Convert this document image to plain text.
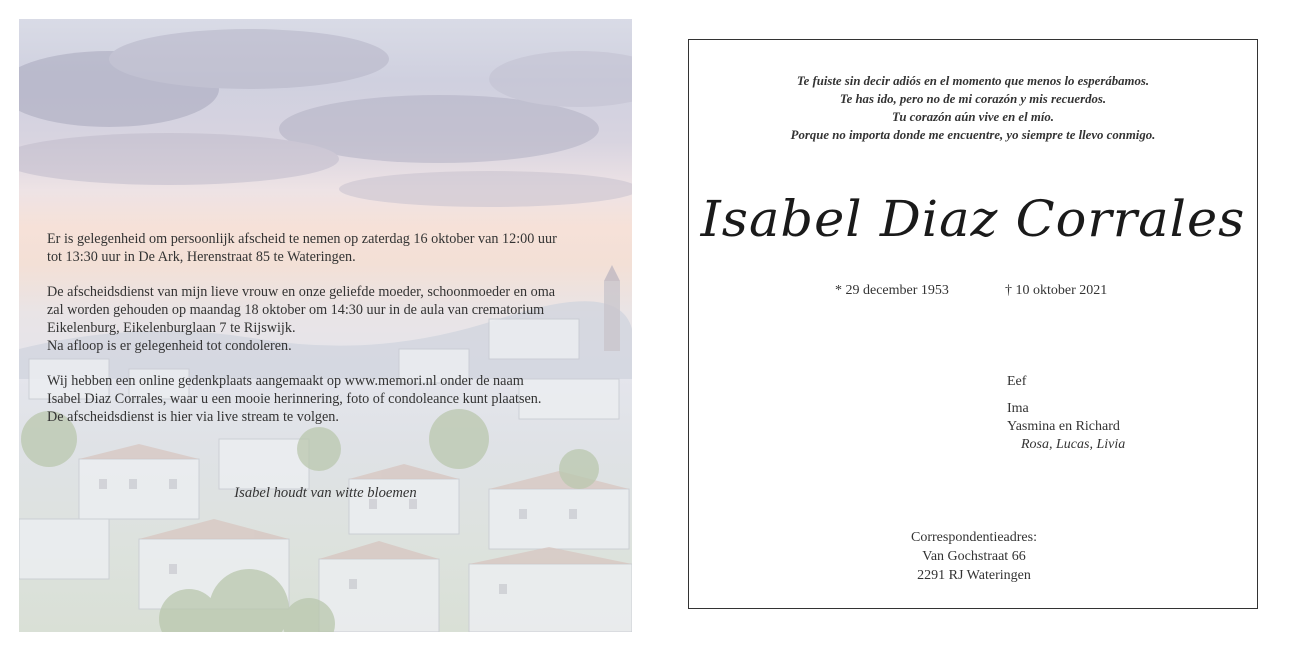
Er is gelegenheid om persoonlijk afscheid te nemen op zaterdag 16 oktober van 12:00 uur
tot 13:30 uur in De Ark, Herenstraat 85 te Wateringen.

De afscheidsdienst van mijn lieve vrouw en onze geliefde moeder, schoonmoeder en oma
zal worden gehouden op maandag 18 oktober om 14:30 uur in de aula van crematorium
Eikelenburg, Eikelenburglaan 7 te Rijswijk.
Na afloop is er gelegenheid tot condoleren.

Wij hebben een online gedenkplaats aangemaakt op www.memori.nl onder de naam
Isabel Diaz Corrales, waar u een mooie herinnering, foto of condoleance kunt plaatsen.
De afscheidsdienst is hier via live stream te volgen.

Isabel houdt van witte bloemen
Te fuiste sin decir adiós en el momento que menos lo esperábamos.
Te has ido, pero no de mi corazón y mis recuerdos.
Tu corazón aún vive en el mío.
Porque no importa donde me encuentre, yo siempre te llevo conmigo.
Isabel Diaz Corrales
* 29 december 1953	† 10 oktober 2021
Eef
Ima
Yasmina en Richard
Rosa, Lucas, Livia
Correspondentieadres:
Van Gochstraat 66
2291 RJ Wateringen
